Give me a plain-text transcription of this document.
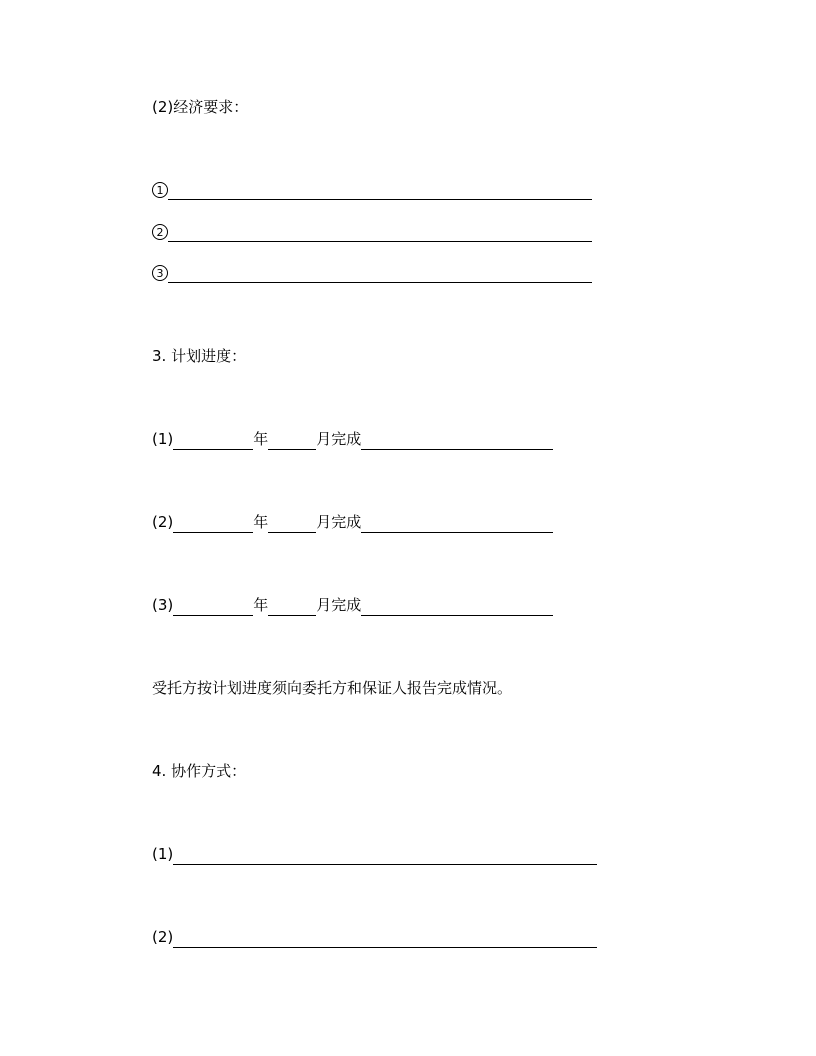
(2)经济要求：
1
2
3
3. 计划进度：
(1)	年	月完成
(2)	年	月完成
(3)	年	月完成
受托方按计划进度须向委托方和保证人报告完成情况。
4. 协作方式：
(1)
(2)
